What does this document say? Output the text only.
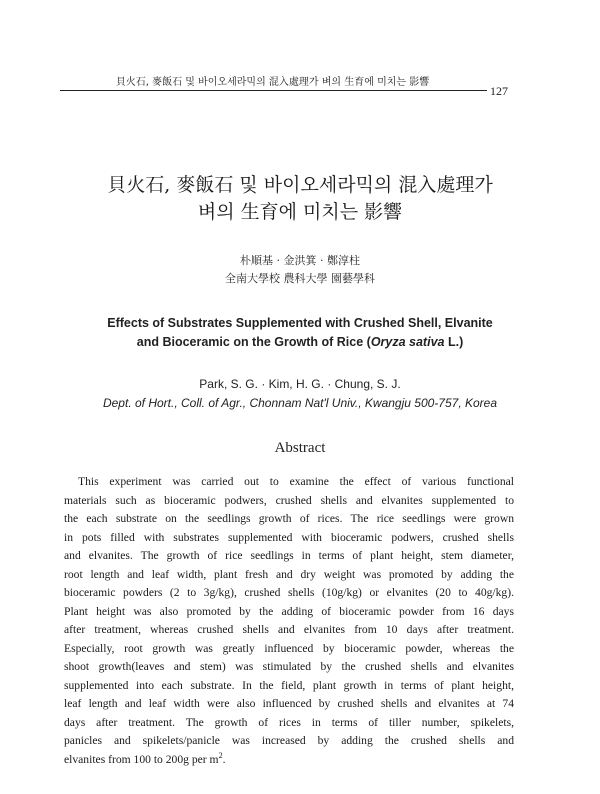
貝火石, 麥飯石 및 바이오세라믹의 混入處理가 벼의 生育에 미치는 影響
127
貝火石, 麥飯石 및 바이오세라믹의 混入處理가
벼의 生育에 미치는 影響
朴順基 · 金洪箕 · 鄭淳柱
全南大學校 農科大學 園藝學科
Effects of Substrates Supplemented with Crushed Shell, Elvanite
and Bioceramic on the Growth of Rice (Oryza sativa L.)
Park, S. G. · Kim, H. G. · Chung, S. J.
Dept. of Hort., Coll. of Agr., Chonnam Nat'l Univ., Kwangju 500-757, Korea
Abstract
This experiment was carried out to examine the effect of various functional
materials such as bioceramic podwers, crushed shells and elvanites supplemented to
the each substrate on the seedlings growth of rices. The rice seedlings were grown
in pots filled with substrates supplemented with bioceramic podwers, crushed shells
and elvanites. The growth of rice seedlings in terms of plant height, stem diameter,
root length and leaf width, plant fresh and dry weight was promoted by adding the
bioceramic powders (2 to 3g/kg), crushed shells (10g/kg) or elvanites (20 to 40g/kg).
Plant height was also promoted by the adding of bioceramic powder from 16 days
after treatment, whereas crushed shells and elvanites from 10 days after treatment.
Especially, root growth was greatly influenced by bioceramic powder, whereas the
shoot growth(leaves and stem) was stimulated by the crushed shells and elvanites
supplemented into each substrate. In the field, plant growth in terms of plant height,
leaf length and leaf width were also influenced by crushed shells and elvanites at 74
days after treatment. The growth of rices in terms of tiller number, spikelets,
panicles and spikelets/panicle was increased by adding the crushed shells and
elvanites from 100 to 200g per $m^2$.
